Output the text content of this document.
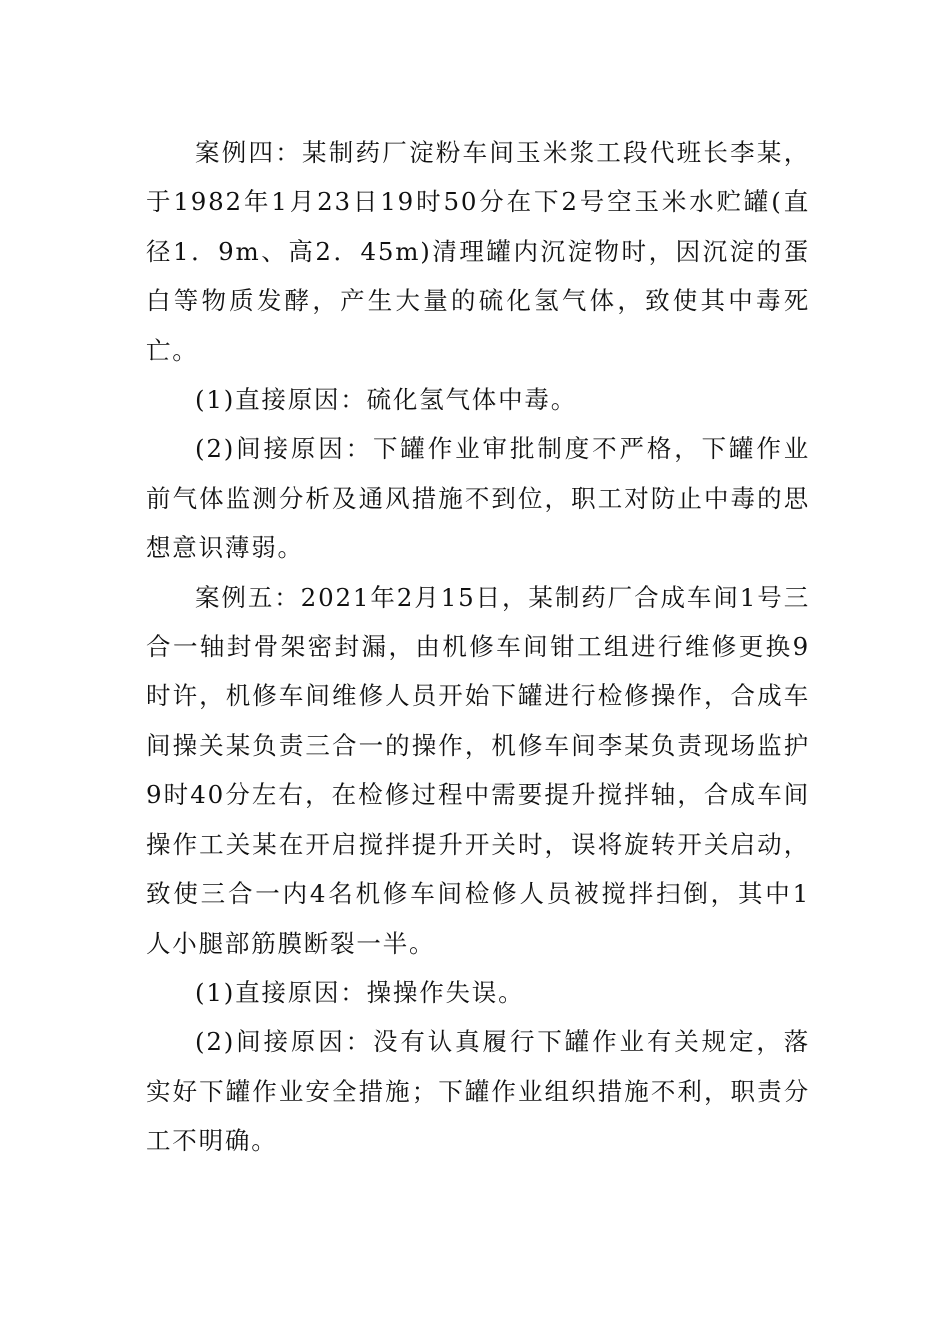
案例四：某制药厂淀粉车间玉米浆工段代班长李某，于1982年1月23日19时50分在下2号空玉米水贮罐(直径1．9m、高2．45m)清理罐内沉淀物时，因沉淀的蛋白等物质发酵，产生大量的硫化氢气体，致使其中毒死亡。

(1)直接原因：硫化氢气体中毒。

(2)间接原因：下罐作业审批制度不严格，下罐作业前气体监测分析及通风措施不到位，职工对防止中毒的思想意识薄弱。

案例五：2021年2月15日，某制药厂合成车间1号三合一轴封骨架密封漏，由机修车间钳工组进行维修更换9时许，机修车间维修人员开始下罐进行检修操作，合成车间操关某负责三合一的操作，机修车间李某负责现场监护9时40分左右，在检修过程中需要提升搅拌轴，合成车间操作工关某在开启搅拌提升开关时，误将旋转开关启动，致使三合一内4名机修车间检修人员被搅拌扫倒，其中1人小腿部筋膜断裂一半。

(1)直接原因：操操作失误。

(2)间接原因：没有认真履行下罐作业有关规定，落实好下罐作业安全措施；下罐作业组织措施不利，职责分工不明确。
